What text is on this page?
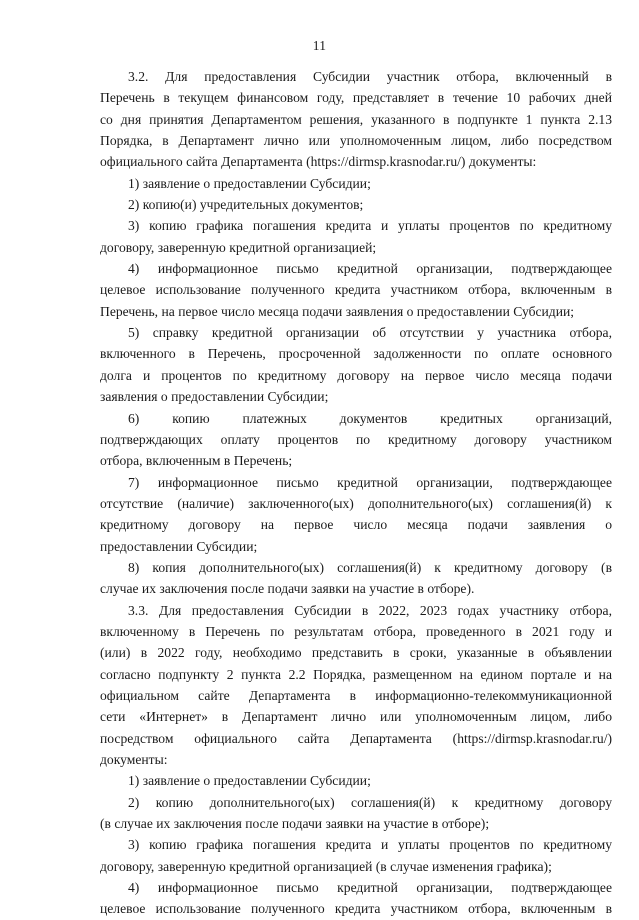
11
3.2. Для предоставления Субсидии участник отбора, включенный в
Перечень в текущем финансовом году, представляет в течение 10 рабочих дней
со дня принятия Департаментом решения, указанного в подпункте 1 пункта 2.13
Порядка, в Департамент лично или уполномоченным лицом, либо посредством
официального сайта Департамента (https://dirmsp.krasnodar.ru/) документы:
1) заявление о предоставлении Субсидии;
2) копию(и) учредительных документов;
3) копию графика погашения кредита и уплаты процентов по кредитному
договору, заверенную кредитной организацией;
4) информационное письмо кредитной организации, подтверждающее
целевое использование полученного кредита участником отбора, включенным в
Перечень, на первое число месяца подачи заявления о предоставлении Субсидии;
5) справку кредитной организации об отсутствии у участника отбора,
включенного в Перечень, просроченной задолженности по оплате основного
долга и процентов по кредитному договору на первое число месяца подачи
заявления о предоставлении Субсидии;
6) копию платежных документов кредитных организаций,
подтверждающих оплату процентов по кредитному договору участником
отбора, включенным в Перечень;
7) информационное письмо кредитной организации, подтверждающее
отсутствие (наличие) заключенного(ых) дополнительного(ых) соглашения(й) к
кредитному договору на первое число месяца подачи заявления о
предоставлении Субсидии;
8) копия дополнительного(ых) соглашения(й) к кредитному договору (в
случае их заключения после подачи заявки на участие в отборе).
3.3. Для предоставления Субсидии в 2022, 2023 годах участнику отбора,
включенному в Перечень по результатам отбора, проведенного в 2021 году и
(или) в 2022 году, необходимо представить в сроки, указанные в объявлении
согласно подпункту 2 пункта 2.2 Порядка, размещенном на едином портале и на
официальном сайте Департамента в информационно-телекоммуникационной
сети «Интернет» в Департамент лично или уполномоченным лицом, либо
посредством официального сайта Департамента (https://dirmsp.krasnodar.ru/)
документы:
1) заявление о предоставлении Субсидии;
2) копию дополнительного(ых) соглашения(й) к кредитному договору
(в случае их заключения после подачи заявки на участие в отборе);
3) копию графика погашения кредита и уплаты процентов по кредитному
договору, заверенную кредитной организацией (в случае изменения графика);
4) информационное письмо кредитной организации, подтверждающее
целевое использование полученного кредита участником отбора, включенным в
